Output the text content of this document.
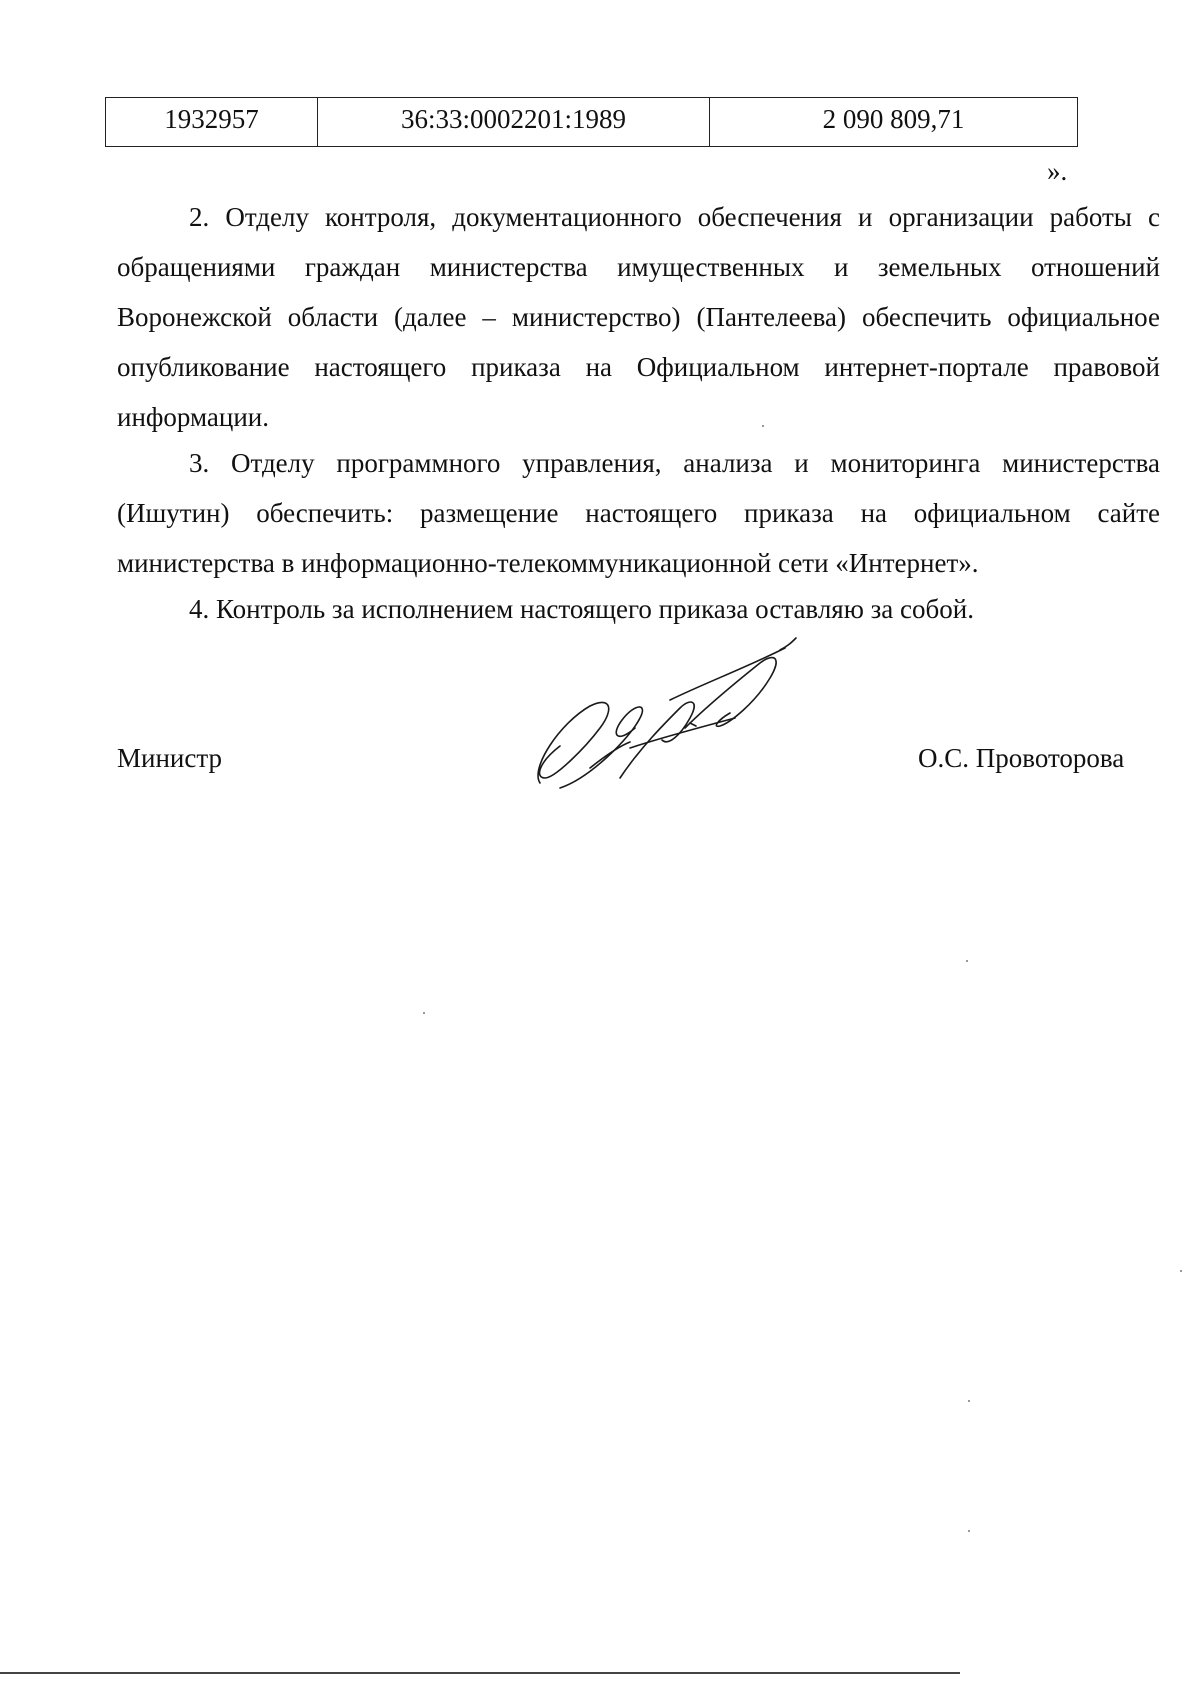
1932957	36:33:0002201:1989	2 090 809,71
».

2. Отделу контроля, документационного обеспечения и организации работы с обращениями граждан министерства имущественных и земельных отношений Воронежской области (далее – министерство) (Пантелеева) обеспечить официальное опубликование настоящего приказа на Официальном интернет-портале правовой информации.

3. Отделу программного управления, анализа и мониторинга министерства (Ишутин) обеспечить: размещение настоящего приказа на официальном сайте министерства в информационно-телекоммуникационной сети «Интернет».

4. Контроль за исполнением настоящего приказа оставляю за собой.

Министр	О.С. Провоторова
